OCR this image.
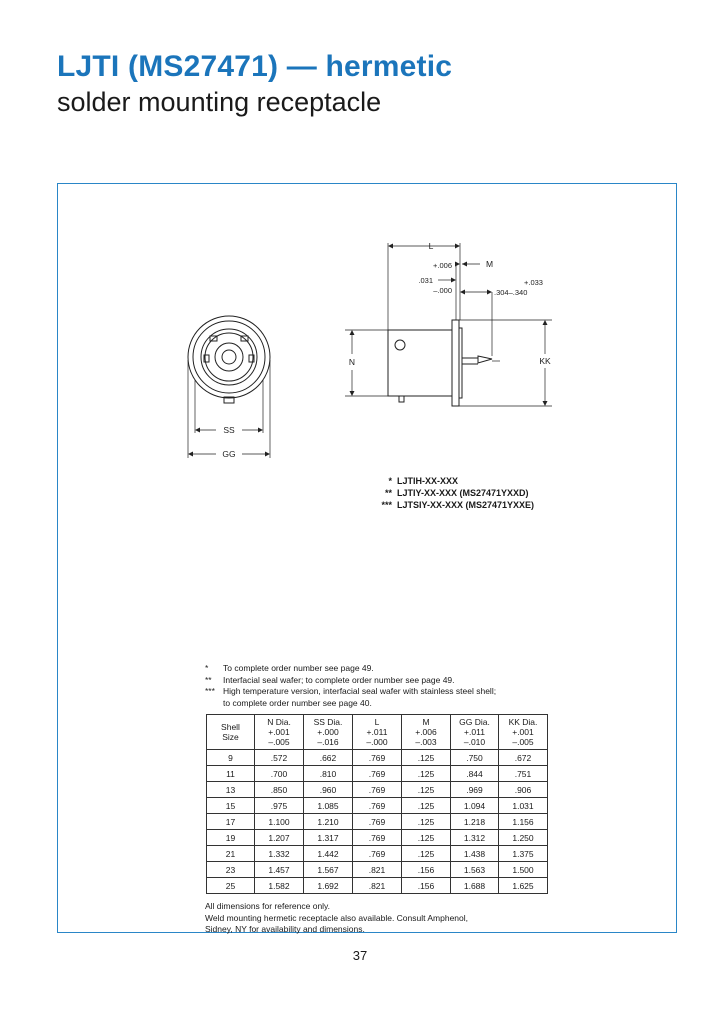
LJTI (MS27471) — hermetic
solder mounting receptacle
SS
GG
L
M
+.006
.031
–.000
+.033
.304–.340
N	KK
* LJTIH-XX-XXX
** LJTIY-XX-XXX (MS27471YXXD)
*** LJTSIY-XX-XXX (MS27471YXXE)
*	To complete order number see page 49.
**	Interfacial seal wafer; to complete order number see page 49.
*** High temperature version, interfacial seal wafer with stainless steel shell;
to complete order number see page 40.
Shell
Size	N Dia.
+.001
–.005	SS Dia.
+.000
–.016	L
+.011
–.000	M
+.006
–.003	GG Dia.
+.011
–.010	KK Dia.
+.001
–.005
9	.572	.662	.769	.125	.750	.672
11	.700	.810	.769	.125	.844	.751
13	.850	.960	.769	.125	.969	.906
15	.975	1.085	.769	.125	1.094	1.031
17	1.100	1.210	.769	.125	1.218	1.156
19	1.207	1.317	.769	.125	1.312	1.250
21	1.332	1.442	.769	.125	1.438	1.375
23	1.457	1.567	.821	.156	1.563	1.500
25	1.582	1.692	.821	.156	1.688	1.625
All dimensions for reference only.
Weld mounting hermetic receptacle also available. Consult Amphenol,
Sidney, NY for availability and dimensions.
37
